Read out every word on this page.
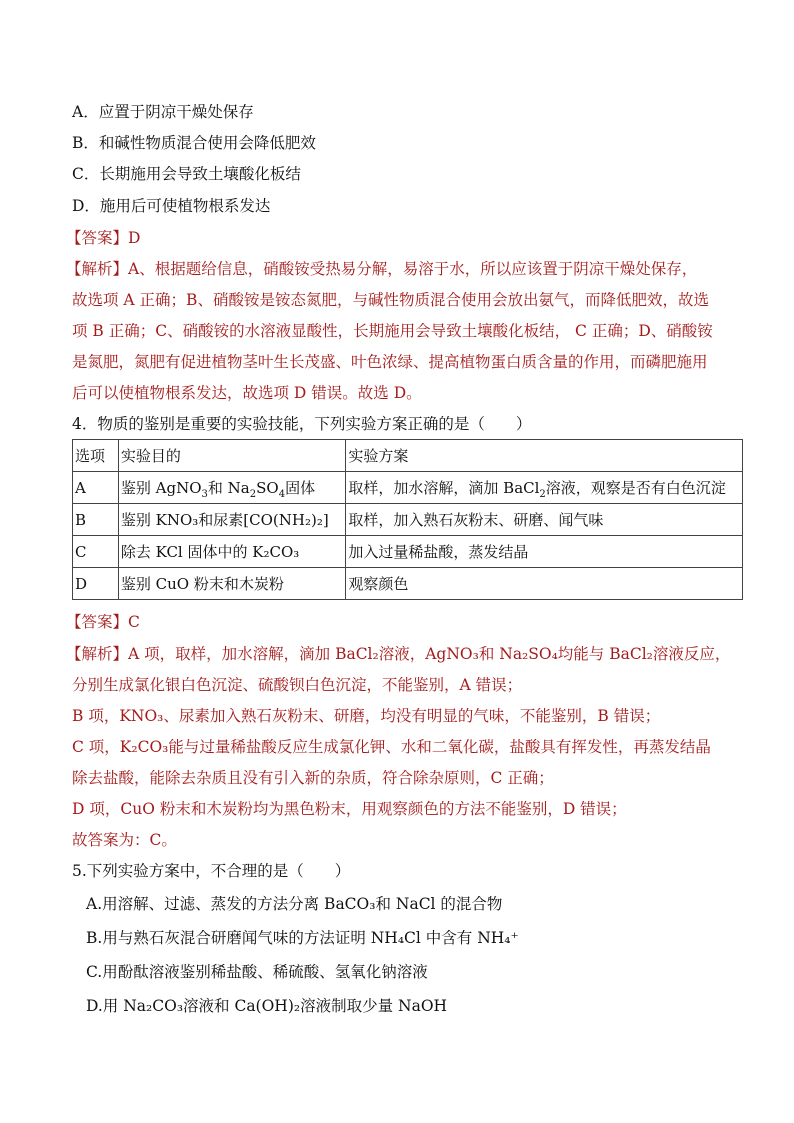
A．应置于阴凉干燥处保存
B．和碱性物质混合使用会降低肥效
C．长期施用会导致土壤酸化板结
D．施用后可使植物根系发达
【答案】D
【解析】A、根据题给信息，硝酸铵受热易分解，易溶于水，所以应该置于阴凉干燥处保存，
故选项 A 正确；B、硝酸铵是铵态氮肥，与碱性物质混合使用会放出氨气，而降低肥效，故选
项 B 正确；C、硝酸铵的水溶液显酸性，长期施用会导致土壤酸化板结， C 正确；D、硝酸铵
是氮肥，氮肥有促进植物茎叶生长茂盛、叶色浓绿、提高植物蛋白质含量的作用，而磷肥施用
后可以使植物根系发达，故选项 D 错误。故选 D。
4．物质的鉴别是重要的实验技能，下列实验方案正确的是（　　）
选项	实验目的	实验方案
A	鉴别 AgNO$_3$和 $Na_2SO_4$固体	取样，加水溶解，滴加 BaCl$_2$溶液，观察是否有白色沉淀
B	鉴别 KNO₃和尿素[CO(NH₂)₂]	取样，加入熟石灰粉末、研磨、闻气味
C	除去 KCl 固体中的 K₂CO₃	加入过量稀盐酸，蒸发结晶
D	鉴别 CuO 粉末和木炭粉	观察颜色
【答案】C
【解析】A 项，取样，加水溶解，滴加 BaCl₂溶液，AgNO₃和 Na₂SO₄均能与 BaCl₂溶液反应，
分别生成氯化银白色沉淀、硫酸钡白色沉淀，不能鉴别，A 错误；
B 项，KNO₃、尿素加入熟石灰粉末、研磨，均没有明显的气味，不能鉴别，B 错误；
C 项，K₂CO₃能与过量稀盐酸反应生成氯化钾、水和二氧化碳，盐酸具有挥发性，再蒸发结晶
除去盐酸，能除去杂质且没有引入新的杂质，符合除杂原则，C 正确；
D 项，CuO 粉末和木炭粉均为黑色粉末，用观察颜色的方法不能鉴别，D 错误；
故答案为：C。
5.下列实验方案中，不合理的是（　　）
A.用溶解、过滤、蒸发的方法分离 BaCO₃和 NaCl 的混合物
B.用与熟石灰混合研磨闻气味的方法证明 NH₄Cl 中含有 NH₄⁺
C.用酚酞溶液鉴别稀盐酸、稀硫酸、氢氧化钠溶液
D.用 Na₂CO₃溶液和 Ca(OH)₂溶液制取少量 NaOH
